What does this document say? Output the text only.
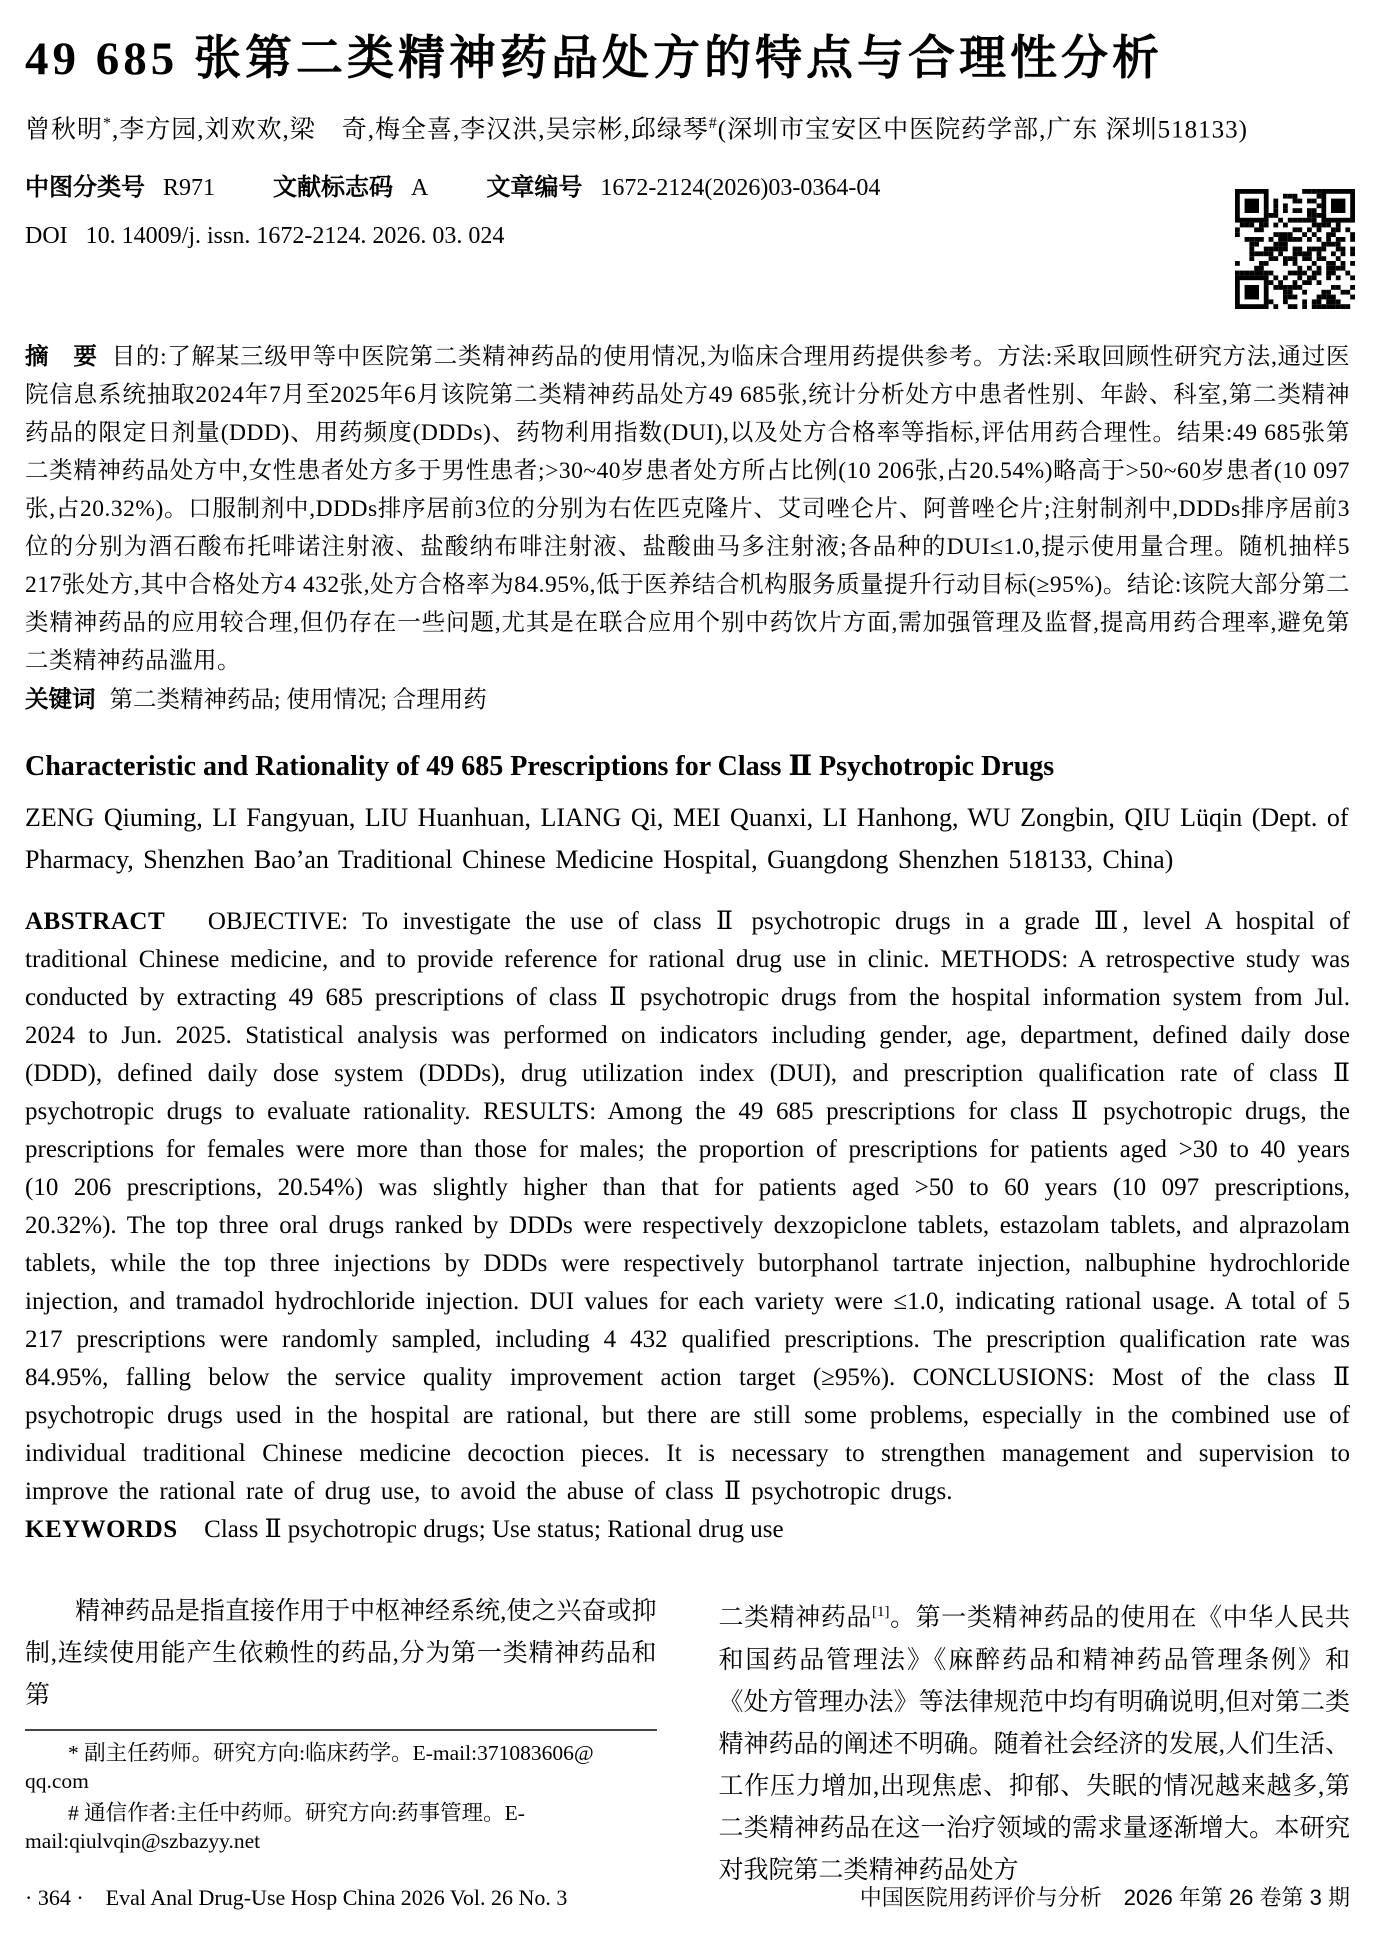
49 685 张第二类精神药品处方的特点与合理性分析

曾秋明*,李方园,刘欢欢,梁　奇,梅全喜,李汉洪,吴宗彬,邱绿琴#(深圳市宝安区中医院药学部,广东 深圳518133)

中图分类号 R971 文献标志码 A 文章编号 1672-2124(2026)03-0364-04
DOI 10. 14009/j. issn. 1672-2124. 2026. 03. 024

摘　要 目的:了解某三级甲等中医院第二类精神药品的使用情况,为临床合理用药提供参考。方法:采取回顾性研究方法,通过医院信息系统抽取2024年7月至2025年6月该院第二类精神药品处方49 685张,统计分析处方中患者性别、年龄、科室,第二类精神药品的限定日剂量(DDD)、用药频度(DDDs)、药物利用指数(DUI),以及处方合格率等指标,评估用药合理性。结果:49 685张第二类精神药品处方中,女性患者处方多于男性患者;>30~40岁患者处方所占比例(10 206张,占20.54%)略高于>50~60岁患者(10 097张,占20.32%)。口服制剂中,DDDs排序居前3位的分别为右佐匹克隆片、艾司唑仑片、阿普唑仑片;注射制剂中,DDDs排序居前3位的分别为酒石酸布托啡诺注射液、盐酸纳布啡注射液、盐酸曲马多注射液;各品种的DUI≤1.0,提示使用量合理。随机抽样5 217张处方,其中合格处方4 432张,处方合格率为84.95%,低于医养结合机构服务质量提升行动目标(≥95%)。结论:该院大部分第二类精神药品的应用较合理,但仍存在一些问题,尤其是在联合应用个别中药饮片方面,需加强管理及监督,提高用药合理率,避免第二类精神药品滥用。

关键词 第二类精神药品; 使用情况; 合理用药

Characteristic and Rationality of 49 685 Prescriptions for Class Ⅱ Psychotropic Drugs

ZENG Qiuming, LI Fangyuan, LIU Huanhuan, LIANG Qi, MEI Quanxi, LI Hanhong, WU Zongbin, QIU Lüqin (Dept. of Pharmacy, Shenzhen Bao’an Traditional Chinese Medicine Hospital, Guangdong Shenzhen 518133, China)

ABSTRACT OBJECTIVE: To investigate the use of class Ⅱ psychotropic drugs in a grade Ⅲ, level A hospital of traditional Chinese medicine, and to provide reference for rational drug use in clinic. METHODS: A retrospective study was conducted by extracting 49 685 prescriptions of class Ⅱ psychotropic drugs from the hospital information system from Jul. 2024 to Jun. 2025. Statistical analysis was performed on indicators including gender, age, department, defined daily dose (DDD), defined daily dose system (DDDs), drug utilization index (DUI), and prescription qualification rate of class Ⅱ psychotropic drugs to evaluate rationality. RESULTS: Among the 49 685 prescriptions for class Ⅱ psychotropic drugs, the prescriptions for females were more than those for males; the proportion of prescriptions for patients aged >30 to 40 years (10 206 prescriptions, 20.54%) was slightly higher than that for patients aged >50 to 60 years (10 097 prescriptions, 20.32%). The top three oral drugs ranked by DDDs were respectively dexzopiclone tablets, estazolam tablets, and alprazolam tablets, while the top three injections by DDDs were respectively butorphanol tartrate injection, nalbuphine hydrochloride injection, and tramadol hydrochloride injection. DUI values for each variety were ≤1.0, indicating rational usage. A total of 5 217 prescriptions were randomly sampled, including 4 432 qualified prescriptions. The prescription qualification rate was 84.95%, falling below the service quality improvement action target (≥95%). CONCLUSIONS: Most of the class Ⅱ psychotropic drugs used in the hospital are rational, but there are still some problems, especially in the combined use of individual traditional Chinese medicine decoction pieces. It is necessary to strengthen management and supervision to improve the rational rate of drug use, to avoid the abuse of class Ⅱ psychotropic drugs.

KEYWORDS Class Ⅱ psychotropic drugs; Use status; Rational drug use

精神药品是指直接作用于中枢神经系统,使之兴奋或抑制,连续使用能产生依赖性的药品,分为第一类精神药品和第

* 副主任药师。研究方向:临床药学。E-mail:371083606@ qq.com

# 通信作者:主任中药师。研究方向:药事管理。E-mail:qiulvqin@szbazyy.net

二类精神药品[1]。第一类精神药品的使用在《中华人民共和国药品管理法》《麻醉药品和精神药品管理条例》和《处方管理办法》等法律规范中均有明确说明,但对第二类精神药品的阐述不明确。随着社会经济的发展,人们生活、工作压力增加,出现焦虑、抑郁、失眠的情况越来越多,第二类精神药品在这一治疗领域的需求量逐渐增大。本研究对我院第二类精神药品处方

· 364 ·　Eval Anal Drug-Use Hosp China 2026 Vol. 26 No. 3	中国医院用药评价与分析　2026 年第 26 卷第 3 期
